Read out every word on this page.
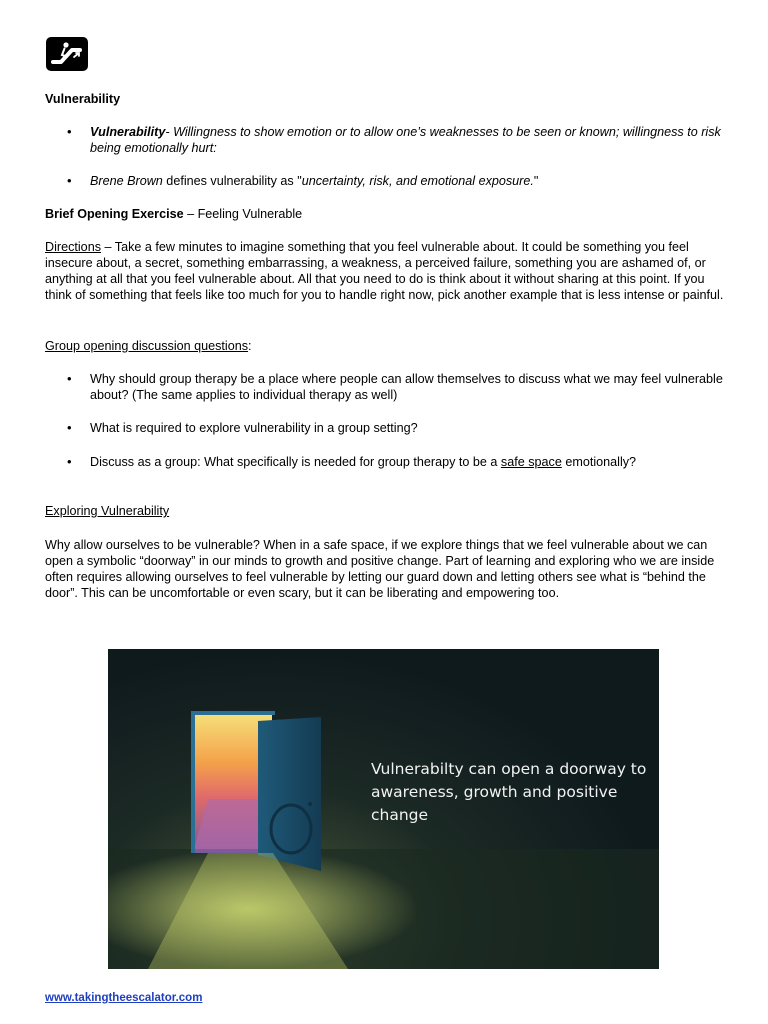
Vulnerability
• Vulnerability- Willingness to show emotion or to allow one’s weaknesses to be seen or known; willingness to risk being emotionally hurt:
• Brene Brown defines vulnerability as "uncertainty, risk, and emotional exposure."
Brief Opening Exercise – Feeling Vulnerable
Directions – Take a few minutes to imagine something that you feel vulnerable about. It could be something you feel insecure about, a secret, something embarrassing, a weakness, a perceived failure, something you are ashamed of, or anything at all that you feel vulnerable about. All that you need to do is think about it without sharing at this point. If you think of something that feels like too much for you to handle right now, pick another example that is less intense or painful.
Group opening discussion questions:
• Why should group therapy be a place where people can allow themselves to discuss what we may feel vulnerable about? (The same applies to individual therapy as well)
• What is required to explore vulnerability in a group setting?
• Discuss as a group: What specifically is needed for group therapy to be a safe space emotionally?
Exploring Vulnerability
Why allow ourselves to be vulnerable? When in a safe space, if we explore things that we feel vulnerable about we can open a symbolic “doorway” in our minds to growth and positive change. Part of learning and exploring who we are inside often requires allowing ourselves to feel vulnerable by letting our guard down and letting others see what is “behind the door”. This can be uncomfortable or even scary, but it can be liberating and empowering too.
Vulnerabilty can open a doorway to awareness, growth and positive change
www.takingtheescalator.com
